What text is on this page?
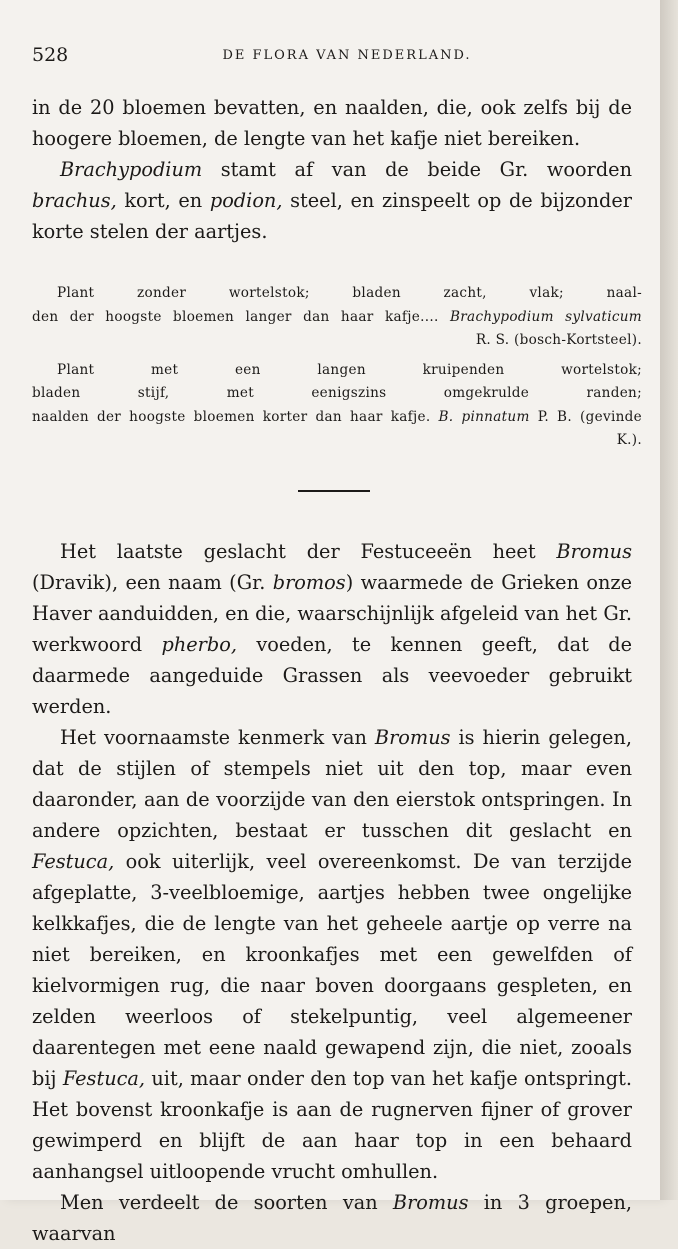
528	DE FLORA VAN NEDERLAND.

in de 20 bloemen bevatten, en naalden, die, ook zelfs bij de
hoogere bloemen, de lengte van het kafje niet bereiken.

Brachypodium stamt af van de beide Gr. woorden brachus, kort, en podion, steel, en zinspeelt op de bijzonder korte stelen der aartjes.

Plant zonder wortelstok; bladen zacht, vlak; naal-
den der hoogste bloemen langer dan haar kafje.... Brachypodium sylvaticum
R. S. (bosch-Kortsteel).
Plant met een langen kruipenden wortelstok;
bladen stijf, met eenigszins omgekrulde randen;
naalden der hoogste bloemen korter dan haar kafje. B. pinnatum P. B. (gevinde
K.).

Het laatste geslacht der Festuceeën heet Bromus (Dravik), een naam (Gr. bromos) waarmede de Grieken onze Haver aanduidden, en die, waarschijnlijk afgeleid van het Gr. werkwoord pherbo, voeden, te kennen geeft, dat de daarmede aangeduide Grassen als veevoeder gebruikt werden.

Het voornaamste kenmerk van Bromus is hierin gelegen, dat de stijlen of stempels niet uit den top, maar even daaronder, aan de voorzijde van den eierstok ontspringen. In andere opzichten, bestaat er tusschen dit geslacht en Festuca, ook uiterlijk, veel overeenkomst. De van terzijde afgeplatte, 3-veelbloemige, aartjes hebben twee ongelijke kelkkafjes, die de lengte van het geheele aartje op verre na niet bereiken, en kroonkafjes met een gewelfden of kielvormigen rug, die naar boven doorgaans gespleten, en zelden weerloos of stekelpuntig, veel algemeener daarentegen met eene naald gewapend zijn, die niet, zooals bij Festuca, uit, maar onder den top van het kafje ontspringt. Het bovenst kroonkafje is aan de rugnerven fijner of grover gewimperd en blijft de aan haar top in een behaard aanhangsel uitloopende vrucht omhullen.

Men verdeelt de soorten van Bromus in 3 groepen, waarvan
